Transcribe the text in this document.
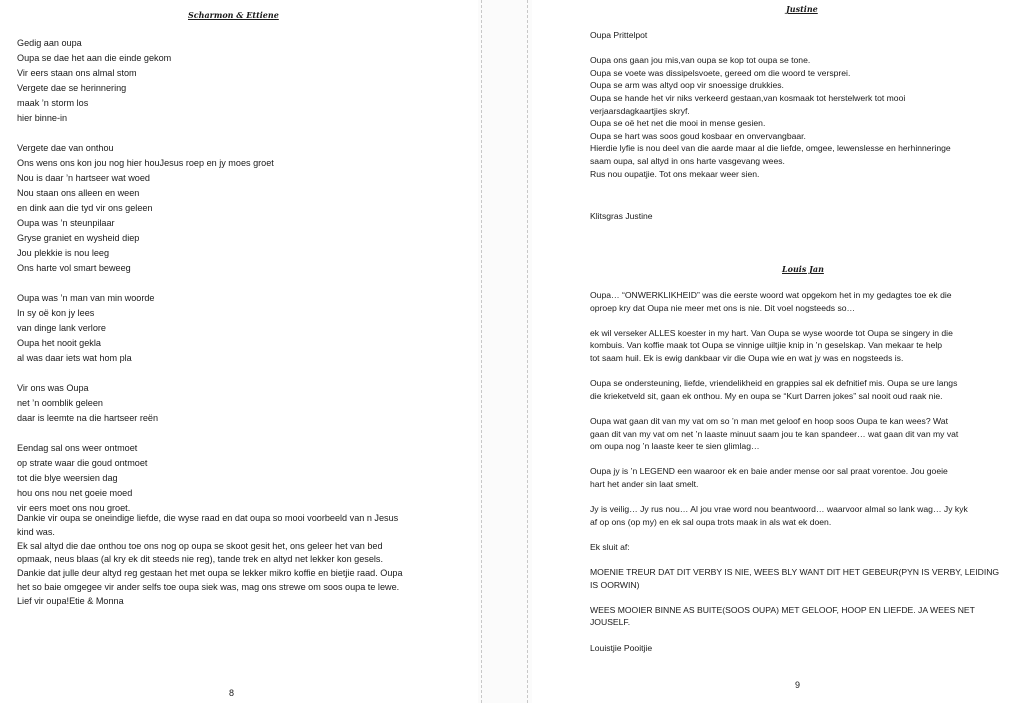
Scharmon & Ettiene
Gedig aan oupa
Oupa se dae het aan die einde gekom
Vir eers staan ons almal stom
Vergete dae se herinnering
maak ’n storm los
hier binne-in
Vergete dae van onthou
Ons wens ons kon jou nog hier houJesus roep en jy moes groet
Nou is daar ’n hartseer wat woed
Nou staan ons alleen en ween
en dink aan die tyd vir ons geleen
Oupa was ’n steunpilaar
Gryse graniet en wysheid diep
Jou plekkie is nou leeg
Ons harte vol smart beweeg
Oupa was ’n man van min woorde
In sy oë kon jy lees
van dinge lank verlore
Oupa het nooit gekla
al was daar iets wat hom pla
Vir ons was Oupa
net ’n oomblik geleen
daar is leemte na die hartseer reën
Eendag sal ons weer ontmoet
op strate waar die goud ontmoet
tot die blye weersien dag
hou ons nou net goeie moed
vir eers moet ons nou groet.
Dankie vir oupa se oneindige liefde, die wyse raad en dat oupa so mooi voorbeeld van n Jesus
kind was.
Ek sal altyd die dae onthou toe ons nog op oupa se skoot gesit het, ons geleer het van bed
opmaak, neus blaas (al kry ek dit steeds nie reg), tande trek en altyd net lekker kon gesels.
Dankie dat julle deur altyd reg gestaan het met oupa se lekker mikro koffie en bietjie raad. Oupa
het so baie omgegee vir ander selfs toe oupa siek was, mag ons strewe om soos oupa te lewe.
Lief vir oupa!Etie & Monna
8
Justine

Oupa Prittelpot

Oupa ons gaan jou mis,van oupa se kop tot oupa se tone.

Oupa se voete was dissipelsvoete, gereed om die woord te versprei.

Oupa se arm was altyd oop vir snoessige drukkies.

Oupa se hande het vir niks verkeerd gestaan,van kosmaak tot herstelwerk tot mooi

verjaarsdagkaartjies skryf.

Oupa se oë het net die mooi in mense gesien.

Oupa se hart was soos goud kosbaar en onvervangbaar.

Hierdie lyfie is nou deel van die aarde maar al die liefde, omgee, lewenslesse en herhinneringe

saam oupa, sal altyd in ons harte vasgevang wees.

Rus nou oupatjie. Tot ons mekaar weer sien.

Klitsgras Justine

Louis Jan

Oupa… “ONWERKLIKHEID” was die eerste woord wat opgekom het in my gedagtes toe ek die

oproep kry dat Oupa nie meer met ons is nie. Dit voel nogsteeds so…

ek wil verseker ALLES koester in my hart. Van Oupa se wyse woorde tot Oupa se singery in die

kombuis. Van koffie maak tot Oupa se vinnige uiltjie knip in ’n geselskap. Van mekaar te help

tot saam huil. Ek is ewig dankbaar vir die Oupa wie en wat jy was en nogsteeds is.

Oupa se ondersteuning, liefde, vriendelikheid en grappies sal ek defnitief mis. Oupa se ure langs

die krieketveld sit, gaan ek onthou. My en oupa se “Kurt Darren jokes” sal nooit oud raak nie.

Oupa wat gaan dit van my vat om so ’n man met geloof en hoop soos Oupa te kan wees? Wat

gaan dit van my vat om net ’n laaste minuut saam jou te kan spandeer… wat gaan dit van my vat

om oupa nog ’n laaste keer te sien glimlag…

Oupa jy is ’n LEGEND een waaroor ek en baie ander mense oor sal praat vorentoe. Jou goeie

hart het ander sin laat smelt.

Jy is veilig… Jy rus nou… Al jou vrae word nou beantwoord… waarvoor almal so lank wag… Jy kyk

af op ons (op my) en ek sal oupa trots maak in als wat ek doen.

Ek sluit af:

MOENIE TREUR DAT DIT VERBY IS NIE, WEES BLY WANT DIT HET GEBEUR(PYN IS VERBY, LEIDING

IS OORWIN)

WEES MOOIER BINNE AS BUITE(SOOS OUPA) MET GELOOF, HOOP EN LIEFDE. JA WEES NET

JOUSELF.

Louistjie Pooitjie

9
